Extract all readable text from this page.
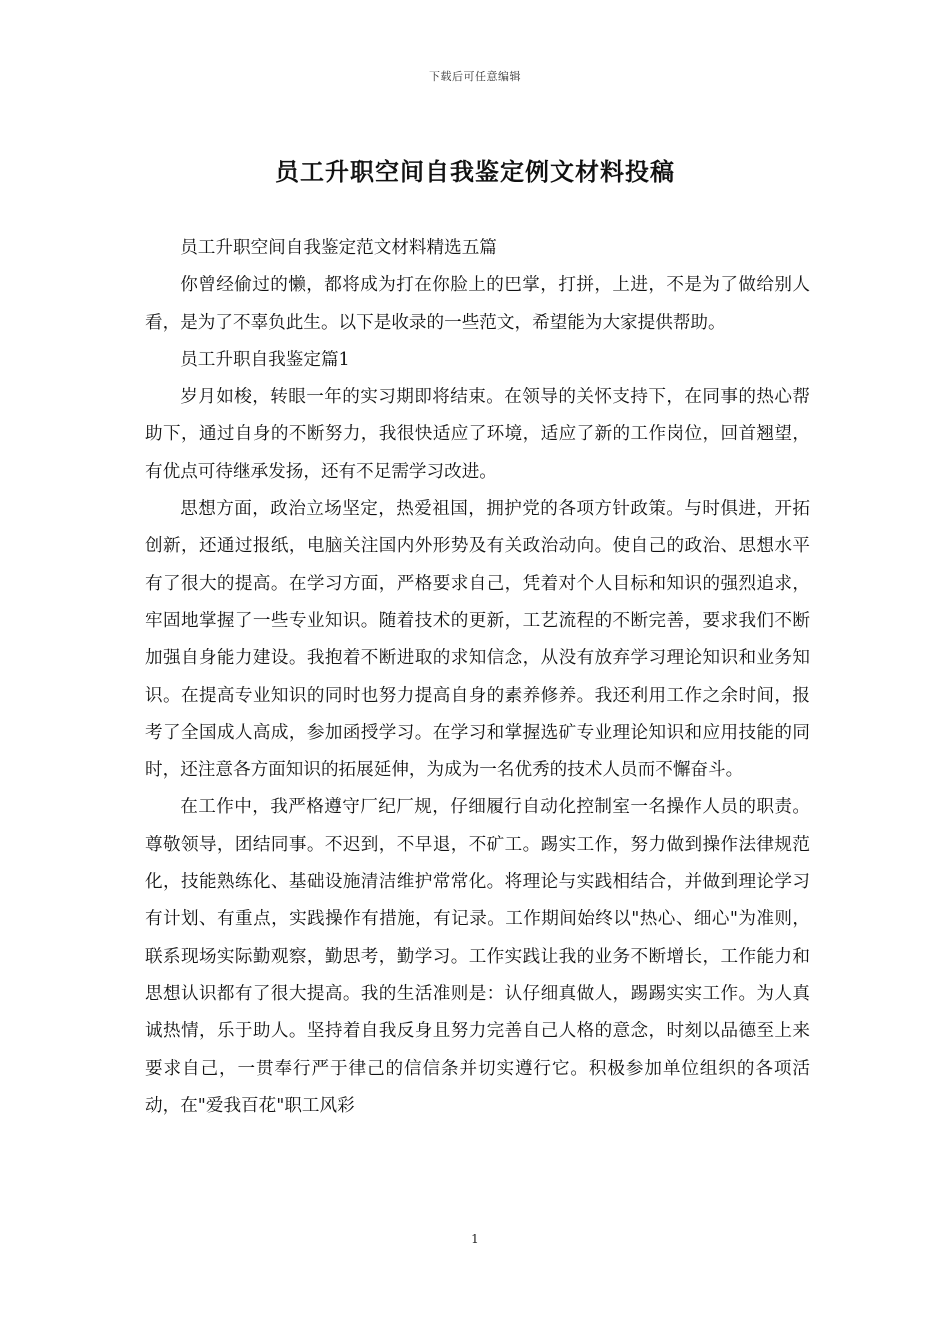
下载后可任意编辑
员工升职空间自我鉴定例文材料投稿

员工升职空间自我鉴定范文材料精选五篇

你曾经偷过的懒，都将成为打在你脸上的巴掌，打拼，上进，不是为了做给别人看，是为了不辜负此生。以下是收录的一些范文，希望能为大家提供帮助。

员工升职自我鉴定篇1

岁月如梭，转眼一年的实习期即将结束。在领导的关怀支持下，在同事的热心帮助下，通过自身的不断努力，我很快适应了环境，适应了新的工作岗位，回首翘望，有优点可待继承发扬，还有不足需学习改进。

思想方面，政治立场坚定，热爱祖国，拥护党的各项方针政策。与时俱进，开拓创新，还通过报纸，电脑关注国内外形势及有关政治动向。使自己的政治、思想水平有了很大的提高。在学习方面，严格要求自己，凭着对个人目标和知识的强烈追求，牢固地掌握了一些专业知识。随着技术的更新，工艺流程的不断完善，要求我们不断加强自身能力建设。我抱着不断进取的求知信念，从没有放弃学习理论知识和业务知识。在提高专业知识的同时也努力提高自身的素养修养。我还利用工作之余时间，报考了全国成人高成，参加函授学习。在学习和掌握选矿专业理论知识和应用技能的同时，还注意各方面知识的拓展延伸，为成为一名优秀的技术人员而不懈奋斗。

在工作中，我严格遵守厂纪厂规，仔细履行自动化控制室一名操作人员的职责。尊敬领导，团结同事。不迟到，不早退，不矿工。踢实工作，努力做到操作法律规范化，技能熟练化、基础设施清洁维护常常化。将理论与实践相结合，并做到理论学习有计划、有重点，实践操作有措施，有记录。工作期间始终以"热心、细心"为准则，联系现场实际勤观察，勤思考，勤学习。工作实践让我的业务不断增长，工作能力和思想认识都有了很大提高。我的生活准则是：认仔细真做人，踢踢实实工作。为人真诚热情，乐于助人。坚持着自我反身且努力完善自己人格的意念，时刻以品德至上来要求自己，一贯奉行严于律己的信信条并切实遵行它。积极参加单位组织的各项活动，在"爱我百花"职工风彩

1
